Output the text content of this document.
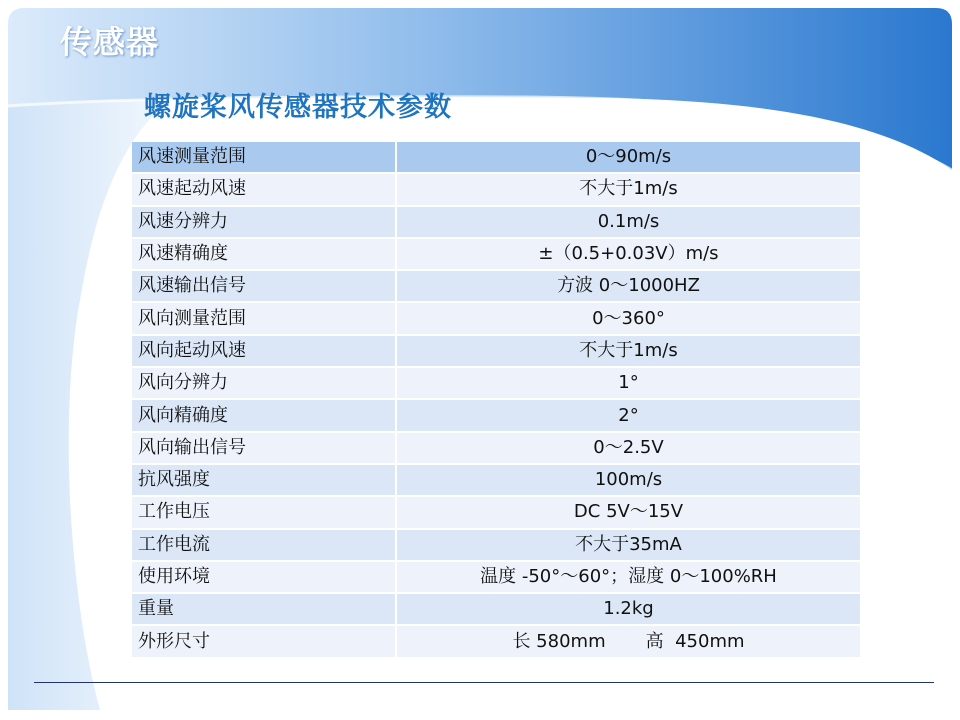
传感器
螺旋桨风传感器技术参数
风速测量范围	0～90m/s
风速起动风速	不大于1m/s
风速分辨力	0.1m/s
风速精确度	±（0.5+0.03V）m/s
风速输出信号	方波 0～1000HZ
风向测量范围	0～360°
风向起动风速	不大于1m/s
风向分辨力	1°
风向精确度	2°
风向输出信号	0～2.5V
抗风强度	100m/s
工作电压	DC 5V～15V
工作电流	不大于35mA
使用环境	温度 -50°～60°；湿度 0～100%RH
重量	1.2kg
外形尺寸	长 580mm       高  450mm
